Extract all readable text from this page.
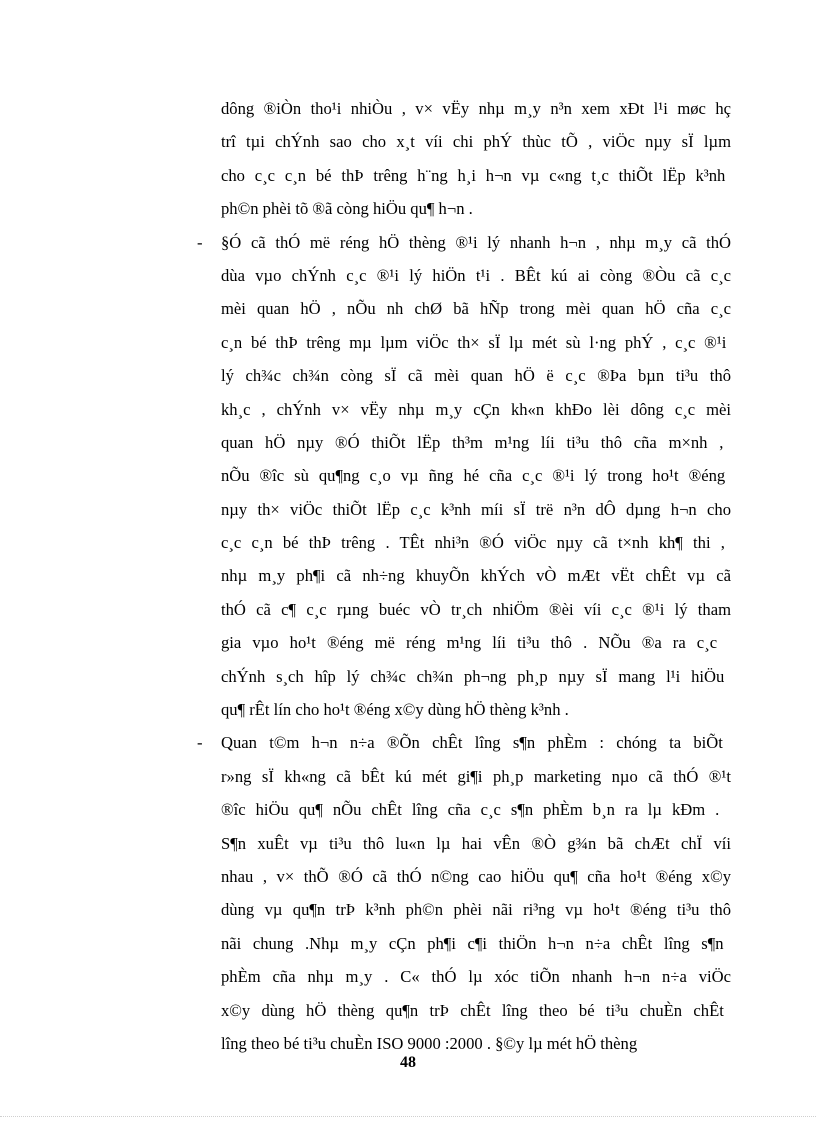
dông ®iÒn tho¹i nhiÒu , v× vËy nhµ m¸y n³n xem xÐt l¹i møc hç
trî tµi chÝnh sao cho x¸t víi chi phÝ thùc tÕ , viÖc nµy sÏ lµm
cho c¸c c¸n bé thÞ trêng h¨ng h¸i h¬n vµ c«ng t¸c thiÕt lËp k³nh
ph©n phèi tõ ®ã còng hiÖu qu¶ h¬n .
- §Ó cã thÓ më réng hÖ thèng ®¹i lý nhanh h¬n , nhµ m¸y cã thÓ
dùa vµo chÝnh c¸c ®¹i lý hiÖn t¹i . BÊt kú ai còng ®Òu cã c¸c
mèi quan hÖ , nÕu nh chØ bã hÑp trong mèi quan hÖ cña c¸c
c¸n bé thÞ trêng mµ lµm viÖc th× sÏ lµ mét sù l·ng phÝ , c¸c ®¹i
lý ch¾c ch¾n còng sÏ cã mèi quan hÖ ë c¸c ®Þa bµn ti³u thô
kh¸c , chÝnh v× vËy nhµ m¸y cÇn kh«n khÐo lèi dông c¸c mèi
quan hÖ nµy ®Ó thiÕt lËp th³m m¹ng líi ti³u thô cña m×nh ,
nÕu ®îc sù qu¶ng c¸o vµ ñng hé cña c¸c ®¹i lý trong ho¹t ®éng
nµy th× viÖc thiÕt lËp c¸c k³nh míi sÏ trë n³n dÔ dµng h¬n cho
c¸c c¸n bé thÞ trêng . TÊt nhi³n ®Ó viÖc nµy cã t×nh kh¶ thi ,
nhµ m¸y ph¶i cã nh÷ng khuyÕn khÝch vÒ mÆt vËt chÊt vµ cã
thÓ cã c¶ c¸c rµng buéc vÒ tr¸ch nhiÖm ®èi víi c¸c ®¹i lý tham
gia vµo ho¹t ®éng më réng m¹ng líi ti³u thô . NÕu ®a ra c¸c
chÝnh s¸ch hîp lý ch¾c ch¾n ph¬ng ph¸p nµy sÏ mang l¹i hiÖu
qu¶ rÊt lín cho ho¹t ®éng x©y dùng hÖ thèng k³nh .
- Quan t©m h¬n n÷a ®Õn chÊt lîng s¶n phÈm : chóng ta biÕt
r»ng sÏ kh«ng cã bÊt kú mét gi¶i ph¸p marketing nµo cã thÓ ®¹t
®îc hiÖu qu¶ nÕu chÊt lîng cña c¸c s¶n phÈm b¸n ra lµ kÐm .
S¶n xuÊt vµ ti³u thô lu«n lµ hai vÊn ®Ò g¾n bã chÆt chÏ víi
nhau , v× thÕ ®Ó cã thÓ n©ng cao hiÖu qu¶ cña ho¹t ®éng x©y
dùng vµ qu¶n trÞ k³nh ph©n phèi nãi ri³ng vµ ho¹t ®éng ti³u thô
nãi chung .Nhµ m¸y cÇn ph¶i c¶i thiÖn h¬n n÷a chÊt lîng s¶n
phÈm cña nhµ m¸y . C« thÓ lµ xóc tiÕn nhanh h¬n n÷a viÖc
x©y dùng hÖ thèng qu¶n trÞ chÊt lîng theo bé ti³u chuÈn chÊt
lîng theo bé ti³u chuÈn ISO 9000 :2000 . §©y lµ mét hÖ thèng
48
